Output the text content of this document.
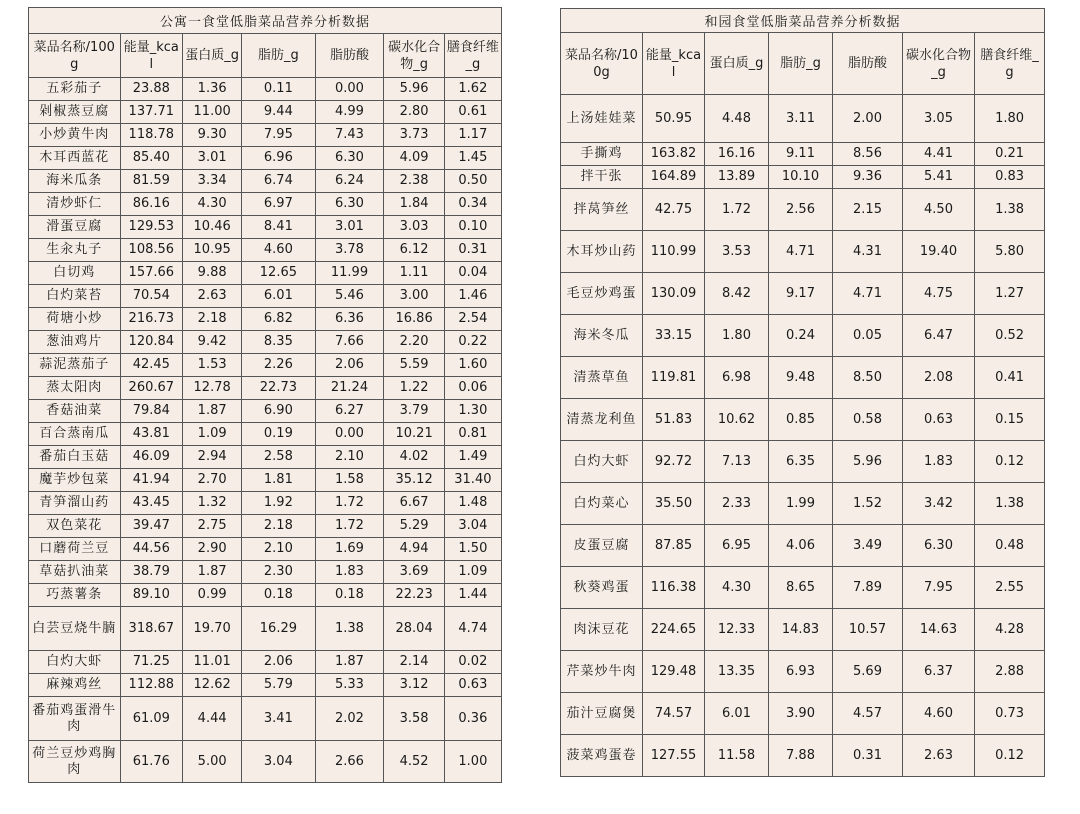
公寓一食堂低脂菜品营养分析数据						
菜品名称/100g	能量_kcal	蛋白质_g	脂肪_g	脂肪酸	碳水化合物_g	膳食纤维_g
五彩茄子	23.88	1.36	0.11	0.00	5.96	1.62
剁椒蒸豆腐	137.71	11.00	9.44	4.99	2.80	0.61
小炒黄牛肉	118.78	9.30	7.95	7.43	3.73	1.17
木耳西蓝花	85.40	3.01	6.96	6.30	4.09	1.45
海米瓜条	81.59	3.34	6.74	6.24	2.38	0.50
清炒虾仁	86.16	4.30	6.97	6.30	1.84	0.34
滑蛋豆腐	129.53	10.46	8.41	3.01	3.03	0.10
生汆丸子	108.56	10.95	4.60	3.78	6.12	0.31
白切鸡	157.66	9.88	12.65	11.99	1.11	0.04
白灼菜苔	70.54	2.63	6.01	5.46	3.00	1.46
荷塘小炒	216.73	2.18	6.82	6.36	16.86	2.54
葱油鸡片	120.84	9.42	8.35	7.66	2.20	0.22
蒜泥蒸茄子	42.45	1.53	2.26	2.06	5.59	1.60
蒸太阳肉	260.67	12.78	22.73	21.24	1.22	0.06
香菇油菜	79.84	1.87	6.90	6.27	3.79	1.30
百合蒸南瓜	43.81	1.09	0.19	0.00	10.21	0.81
番茄白玉菇	46.09	2.94	2.58	2.10	4.02	1.49
魔芋炒包菜	41.94	2.70	1.81	1.58	35.12	31.40
青笋溜山药	43.45	1.32	1.92	1.72	6.67	1.48
双色菜花	39.47	2.75	2.18	1.72	5.29	3.04
口蘑荷兰豆	44.56	2.90	2.10	1.69	4.94	1.50
草菇扒油菜	38.79	1.87	2.30	1.83	3.69	1.09
巧蒸薯条	89.10	0.99	0.18	0.18	22.23	1.44
白芸豆烧牛腩	318.67	19.70	16.29	1.38	28.04	4.74
白灼大虾	71.25	11.01	2.06	1.87	2.14	0.02
麻辣鸡丝	112.88	12.62	5.79	5.33	3.12	0.63
番茄鸡蛋滑牛肉	61.09	4.44	3.41	2.02	3.58	0.36
荷兰豆炒鸡胸肉	61.76	5.00	3.04	2.66	4.52	1.00
和园食堂低脂菜品营养分析数据						
菜品名称/100g	能量_kcal	蛋白质_g	脂肪_g	脂肪酸	碳水化合物_g	膳食纤维_g
上汤娃娃菜	50.95	4.48	3.11	2.00	3.05	1.80
手撕鸡	163.82	16.16	9.11	8.56	4.41	0.21
拌干张	164.89	13.89	10.10	9.36	5.41	0.83
拌莴笋丝	42.75	1.72	2.56	2.15	4.50	1.38
木耳炒山药	110.99	3.53	4.71	4.31	19.40	5.80
毛豆炒鸡蛋	130.09	8.42	9.17	4.71	4.75	1.27
海米冬瓜	33.15	1.80	0.24	0.05	6.47	0.52
清蒸草鱼	119.81	6.98	9.48	8.50	2.08	0.41
清蒸龙利鱼	51.83	10.62	0.85	0.58	0.63	0.15
白灼大虾	92.72	7.13	6.35	5.96	1.83	0.12
白灼菜心	35.50	2.33	1.99	1.52	3.42	1.38
皮蛋豆腐	87.85	6.95	4.06	3.49	6.30	0.48
秋葵鸡蛋	116.38	4.30	8.65	7.89	7.95	2.55
肉沫豆花	224.65	12.33	14.83	10.57	14.63	4.28
芹菜炒牛肉	129.48	13.35	6.93	5.69	6.37	2.88
茄汁豆腐煲	74.57	6.01	3.90	4.57	4.60	0.73
菠菜鸡蛋卷	127.55	11.58	7.88	0.31	2.63	0.12
